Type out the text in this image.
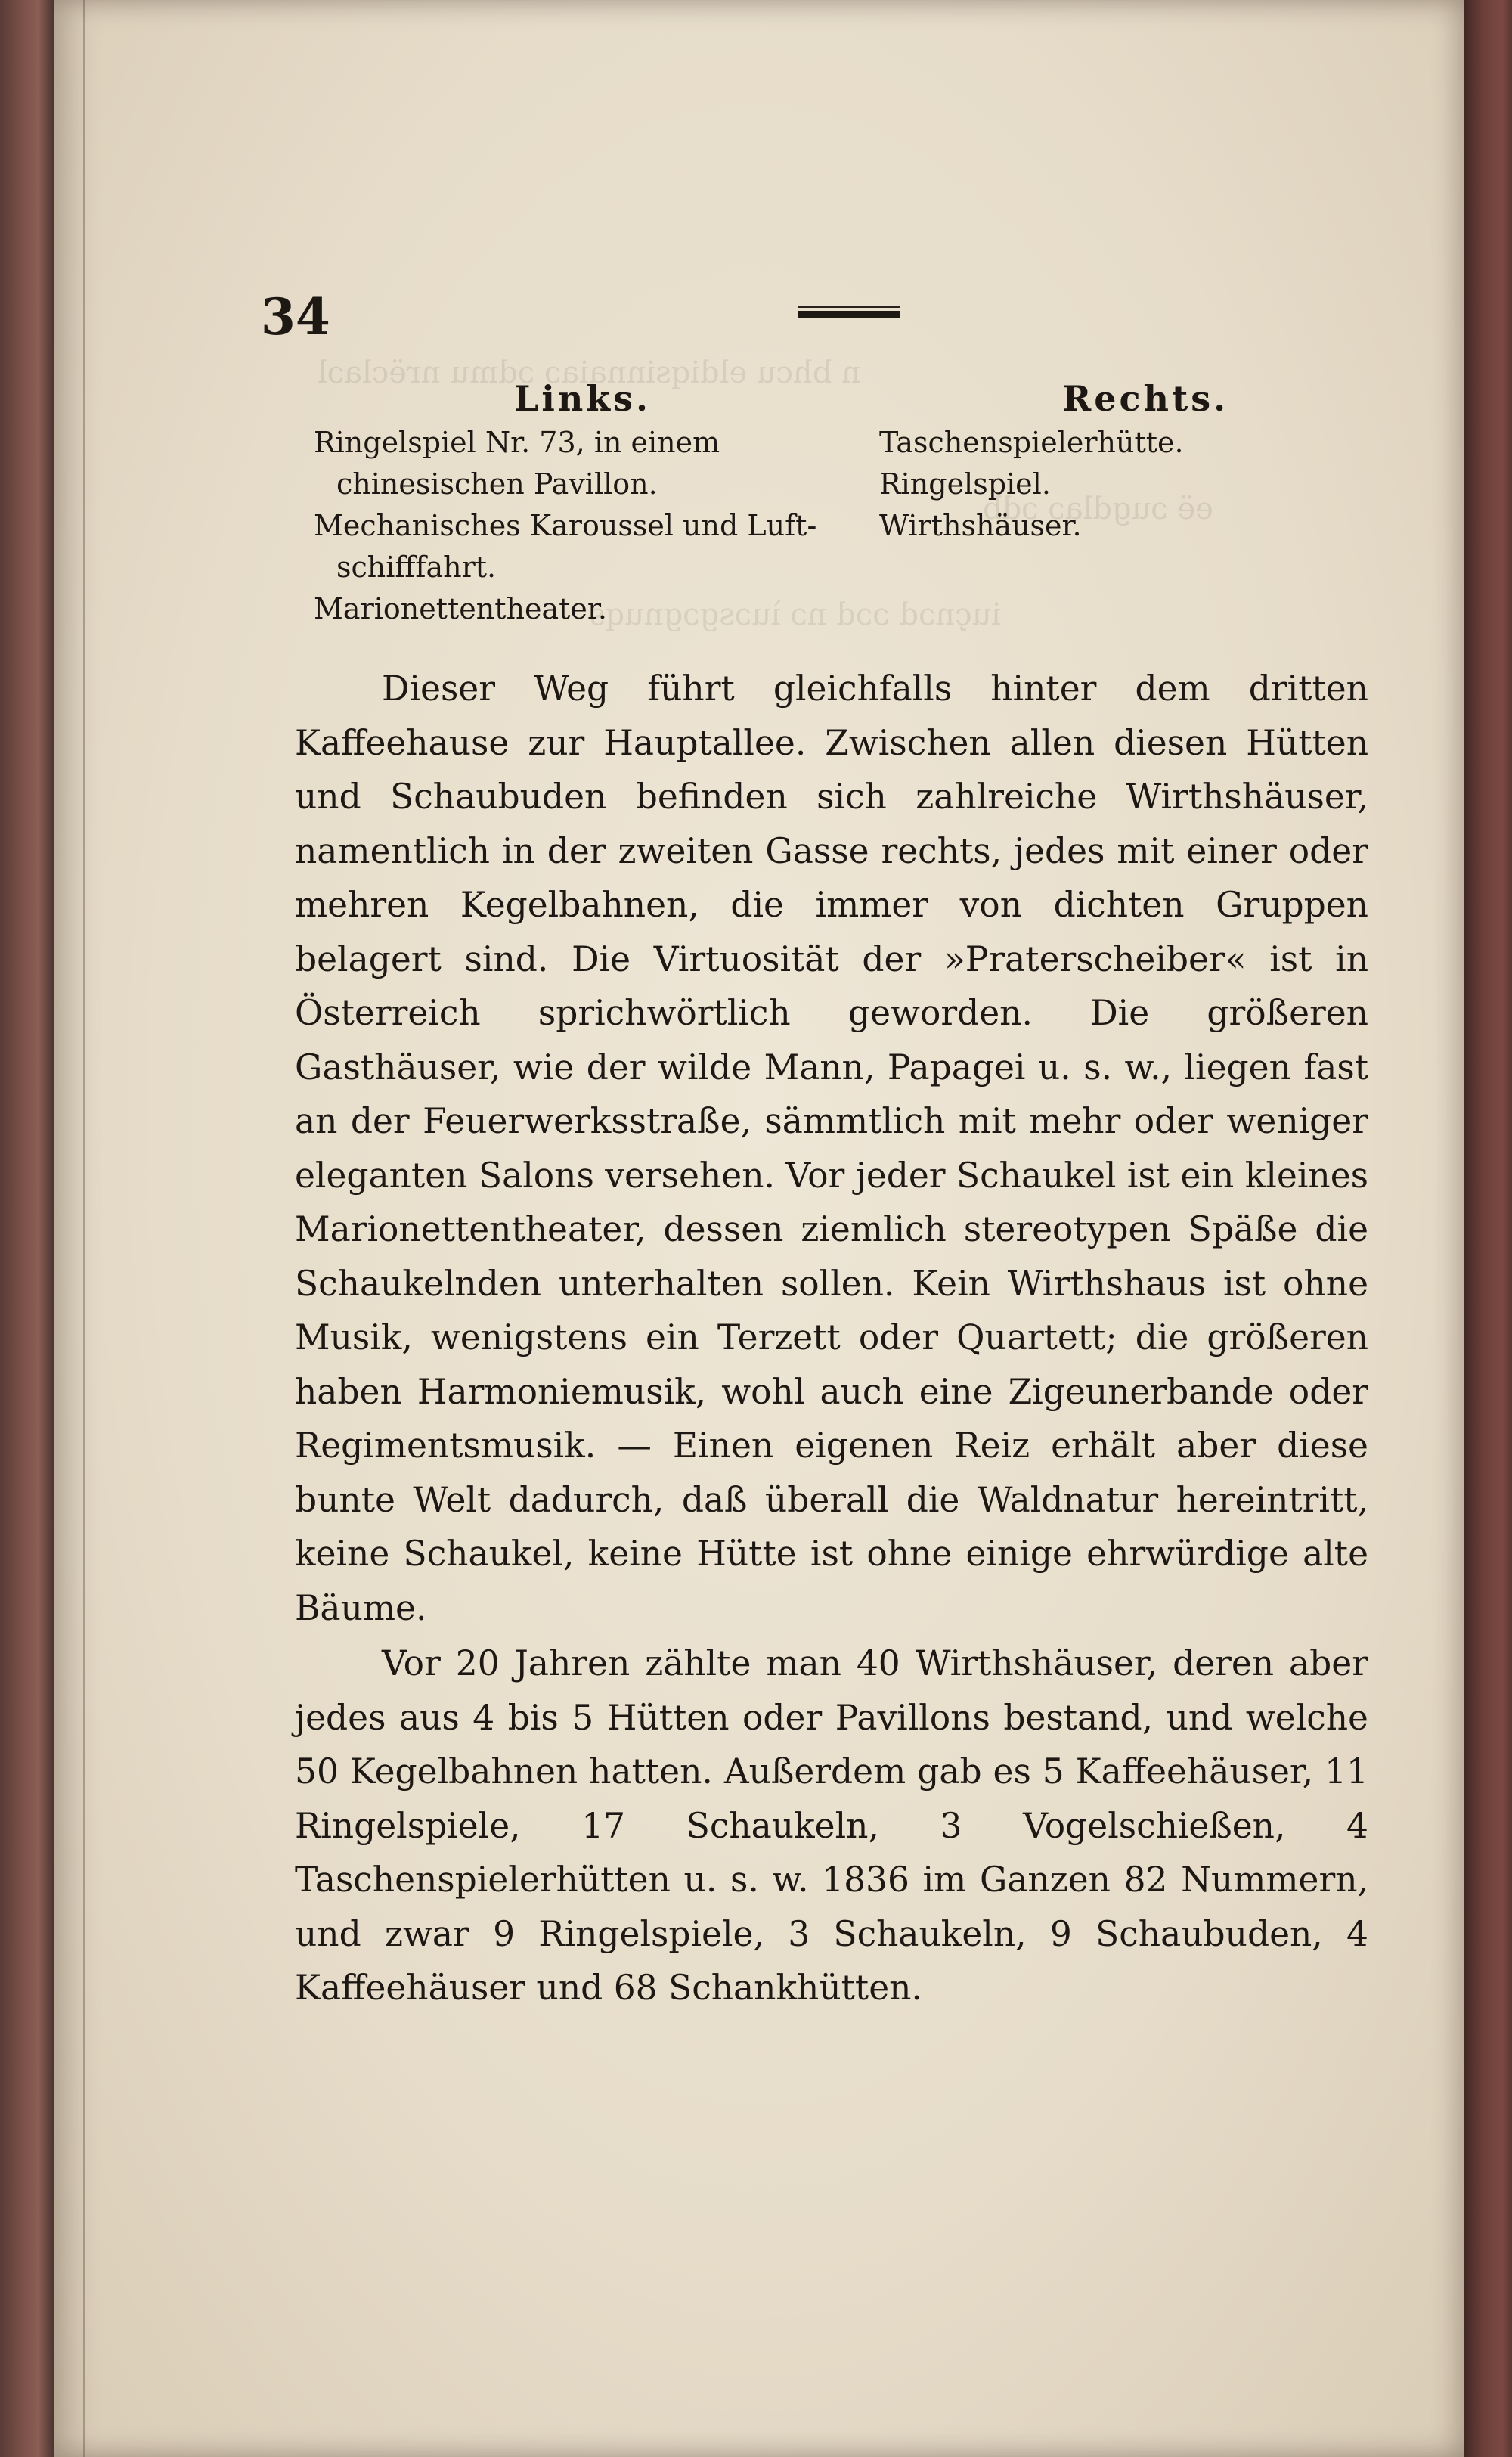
n bhcu eldiqsinnaiaɔ ɔdmu nrëclaɔl
eë ɔugdlaɔ ɔdb
iuçnɔd ɔɔd nɔ ìuɔsgɔgnuqs
34
Links.	Rechts.
Ringelspiel Nr. 73, in einem
chinesischen Pavillon.
Mechanisches Karoussel und Luft-
schifffahrt.
Marionettentheater.
Taschenspielerhütte.
Ringelspiel.
Wirthshäuser.

Dieser Weg führt gleichfalls hinter dem dritten Kaffeehause zur Hauptallee. Zwischen allen diesen Hütten und Schaubuden befinden sich zahlreiche Wirthshäuser, namentlich in der zweiten Gasse rechts, jedes mit einer oder mehren Kegelbahnen, die immer von dichten Gruppen belagert sind. Die Virtuosität der »Praterscheiber« ist in Österreich sprichwörtlich geworden. Die größeren Gasthäuser, wie der wilde Mann, Papagei u. s. w., liegen fast an der Feuerwerksstraße, sämmtlich mit mehr oder weniger eleganten Salons versehen. Vor jeder Schaukel ist ein kleines Marionettentheater, dessen ziemlich stereotypen Späße die Schaukelnden unterhalten sollen. Kein Wirthshaus ist ohne Musik, wenigstens ein Terzett oder Quartett; die größeren haben Harmoniemusik, wohl auch eine Zigeunerbande oder Regimentsmusik. — Einen eigenen Reiz erhält aber diese bunte Welt dadurch, daß überall die Waldnatur hereintritt, keine Schaukel, keine Hütte ist ohne einige ehrwürdige alte Bäume.

Vor 20 Jahren zählte man 40 Wirthshäuser, deren aber jedes aus 4 bis 5 Hütten oder Pavillons bestand, und welche 50 Kegelbahnen hatten. Außerdem gab es 5 Kaffeehäuser, 11 Ringelspiele, 17 Schaukeln, 3 Vogelschießen, 4 Taschenspielerhütten u. s. w. 1836 im Ganzen 82 Nummern, und zwar 9 Ringelspiele, 3 Schaukeln, 9 Schaubuden, 4 Kaffeehäuser und 68 Schankhütten.
